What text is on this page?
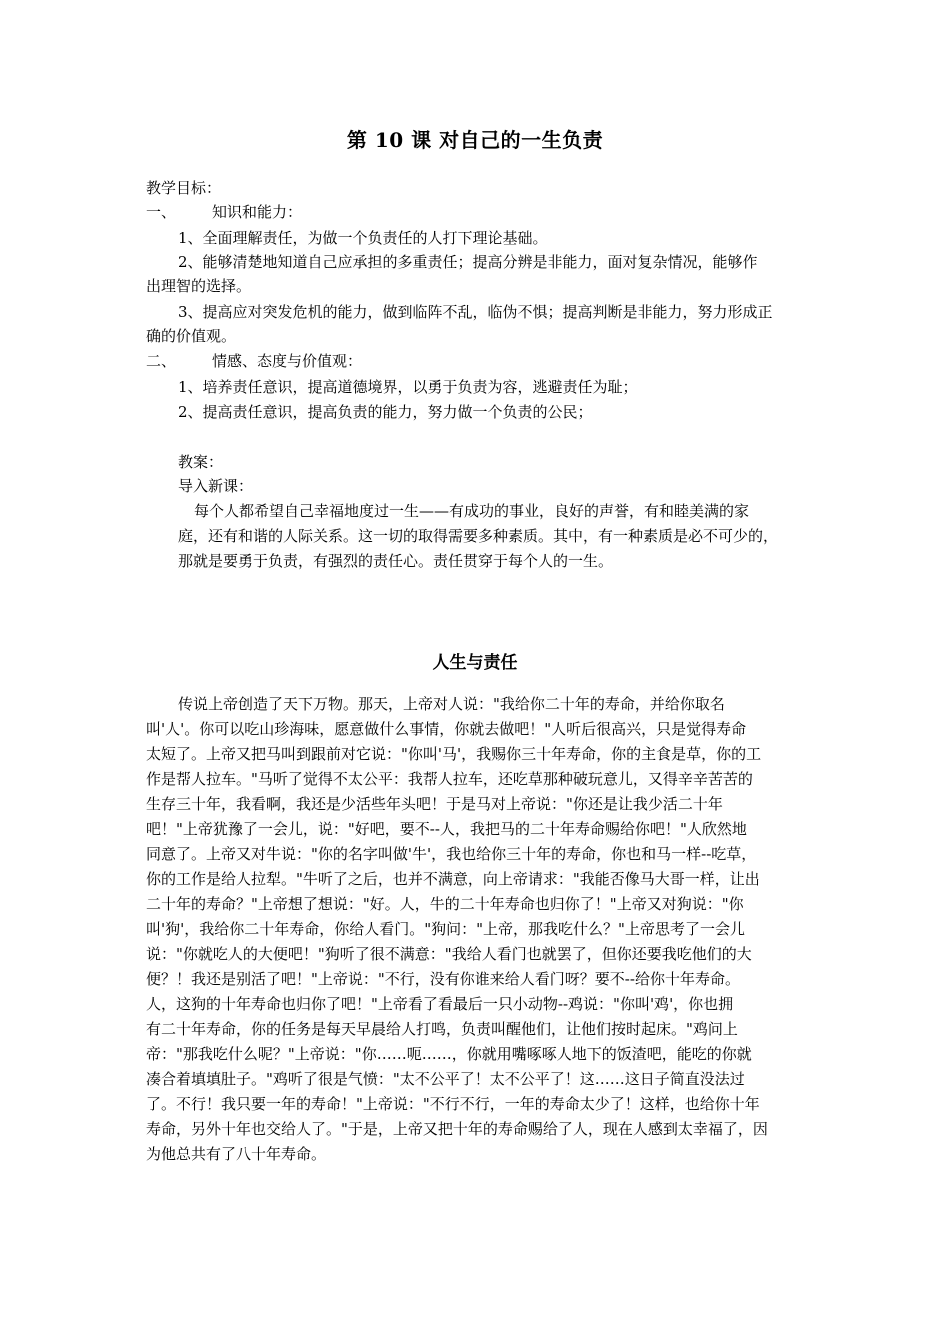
第 10 课 对自己的一生负责
教学目标：
一、 知识和能力：
1、全面理解责任，为做一个负责任的人打下理论基础。
2、能够清楚地知道自己应承担的多重责任；提高分辨是非能力，面对复杂情况，能够作
出理智的选择。
3、提高应对突发危机的能力，做到临阵不乱，临伪不惧；提高判断是非能力，努力形成正
确的价值观。
二、 情感、态度与价值观：
1、培养责任意识，提高道德境界，以勇于负责为容，逃避责任为耻；
2、提高责任意识，提高负责的能力，努力做一个负责的公民；
教案：
导入新课：
每个人都希望自己幸福地度过一生——有成功的事业，良好的声誉，有和睦美满的家
庭，还有和谐的人际关系。这一切的取得需要多种素质。其中，有一种素质是必不可少的，
那就是要勇于负责，有强烈的责任心。责任贯穿于每个人的一生。
人生与责任
传说上帝创造了天下万物。那天，上帝对人说："我给你二十年的寿命，并给你取名
叫'人'。你可以吃山珍海味，愿意做什么事情，你就去做吧！"人听后很高兴，只是觉得寿命
太短了。上帝又把马叫到跟前对它说："你叫'马'，我赐你三十年寿命，你的主食是草，你的工
作是帮人拉车。"马听了觉得不太公平：我帮人拉车，还吃草那种破玩意儿，又得辛辛苦苦的
生存三十年，我看啊，我还是少活些年头吧！于是马对上帝说："你还是让我少活二十年
吧！"上帝犹豫了一会儿，说："好吧，要不--人，我把马的二十年寿命赐给你吧！"人欣然地
同意了。上帝又对牛说："你的名字叫做'牛'，我也给你三十年的寿命，你也和马一样--吃草，
你的工作是给人拉犁。"牛听了之后，也并不满意，向上帝请求："我能否像马大哥一样，让出
二十年的寿命？"上帝想了想说："好。人，牛的二十年寿命也归你了！"上帝又对狗说："你
叫'狗'，我给你二十年寿命，你给人看门。"狗问："上帝，那我吃什么？"上帝思考了一会儿
说："你就吃人的大便吧！"狗听了很不满意："我给人看门也就罢了，但你还要我吃他们的大
便？！我还是别活了吧！"上帝说："不行，没有你谁来给人看门呀？要不--给你十年寿命。
人，这狗的十年寿命也归你了吧！"上帝看了看最后一只小动物--鸡说："你叫'鸡'，你也拥
有二十年寿命，你的任务是每天早晨给人打鸣，负责叫醒他们，让他们按时起床。"鸡问上
帝："那我吃什么呢？"上帝说："你……呃……，你就用嘴啄啄人地下的饭渣吧，能吃的你就
凑合着填填肚子。"鸡听了很是气愤："太不公平了！太不公平了！这……这日子简直没法过
了。不行！我只要一年的寿命！"上帝说："不行不行，一年的寿命太少了！这样，也给你十年
寿命，另外十年也交给人了。"于是，上帝又把十年的寿命赐给了人，现在人感到太幸福了，因
为他总共有了八十年寿命。
